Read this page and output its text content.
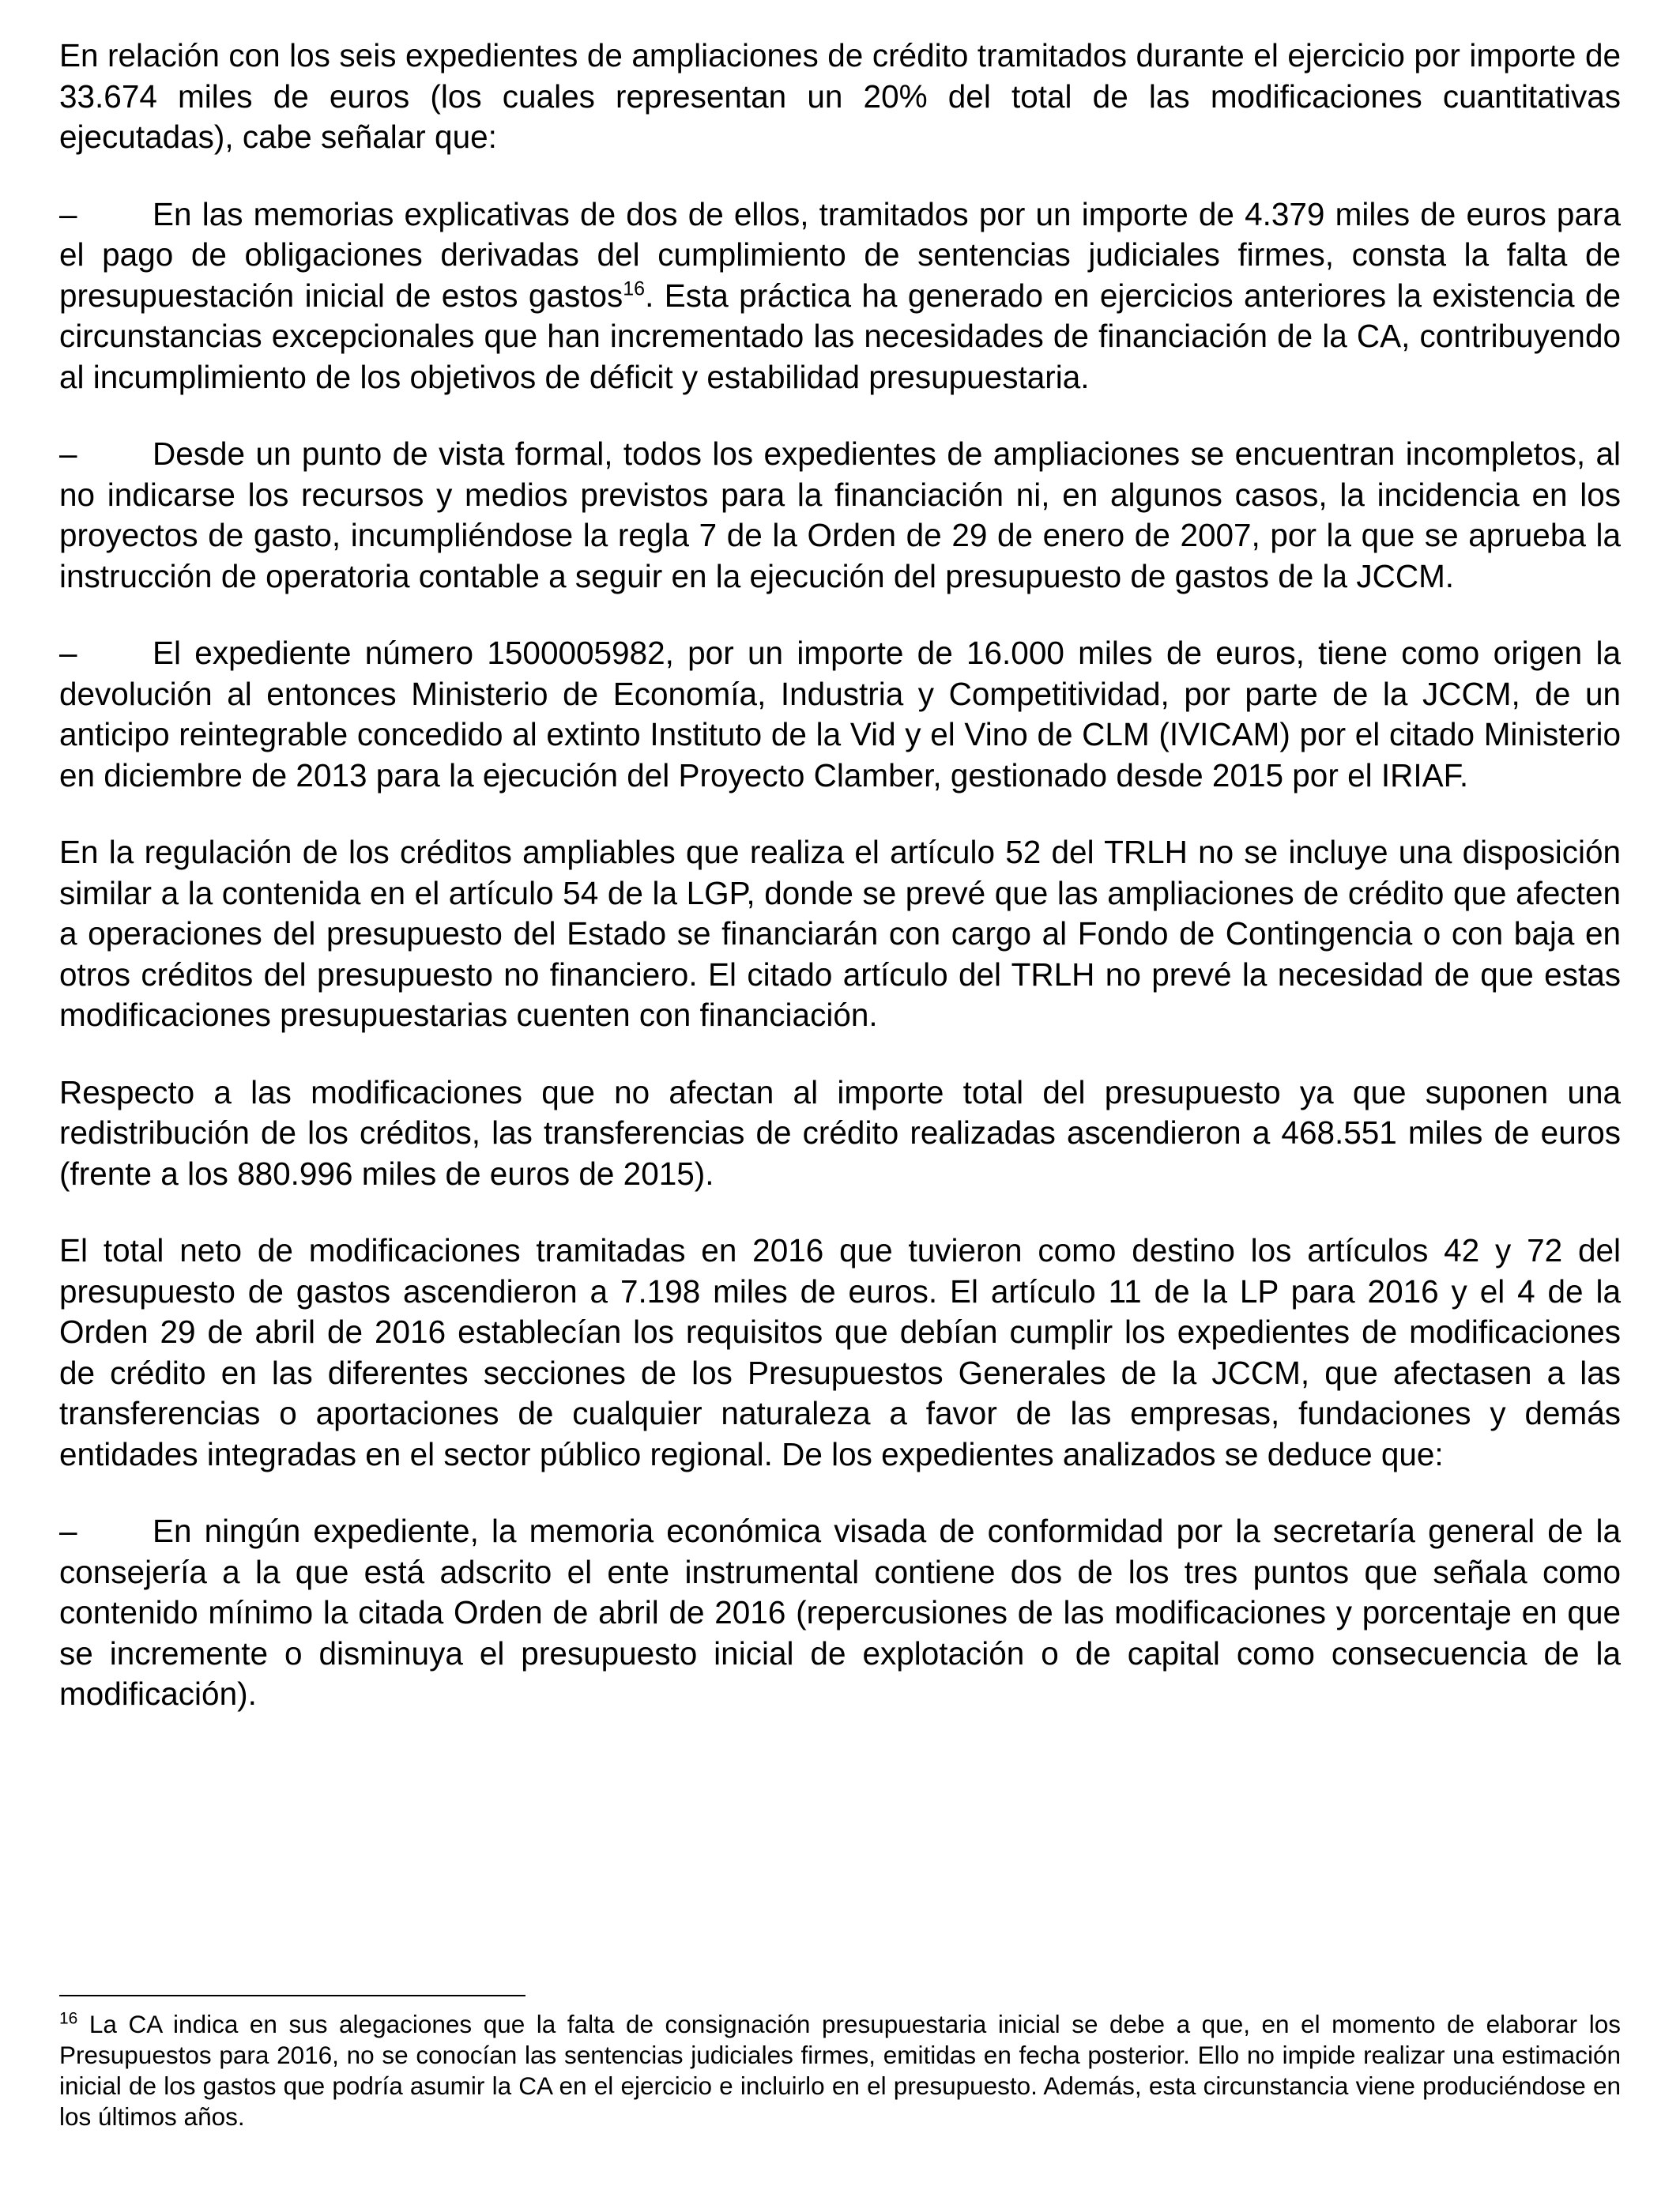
En relación con los seis expedientes de ampliaciones de crédito tramitados durante el ejercicio por importe de 33.674 miles de euros (los cuales representan un 20% del total de las modificaciones cuantitativas ejecutadas), cabe señalar que:

– En las memorias explicativas de dos de ellos, tramitados por un importe de 4.379 miles de euros para el pago de obligaciones derivadas del cumplimiento de sentencias judiciales firmes, consta la falta de presupuestación inicial de estos gastos$^{16}$. Esta práctica ha generado en ejercicios anteriores la existencia de circunstancias excepcionales que han incrementado las necesidades de financiación de la CA, contribuyendo al incumplimiento de los objetivos de déficit y estabilidad presupuestaria.

– Desde un punto de vista formal, todos los expedientes de ampliaciones se encuentran incompletos, al no indicarse los recursos y medios previstos para la financiación ni, en algunos casos, la incidencia en los proyectos de gasto, incumpliéndose la regla 7 de la Orden de 29 de enero de 2007, por la que se aprueba la instrucción de operatoria contable a seguir en la ejecución del presupuesto de gastos de la JCCM.

– El expediente número 1500005982, por un importe de 16.000 miles de euros, tiene como origen la devolución al entonces Ministerio de Economía, Industria y Competitividad, por parte de la JCCM, de un anticipo reintegrable concedido al extinto Instituto de la Vid y el Vino de CLM (IVICAM) por el citado Ministerio en diciembre de 2013 para la ejecución del Proyecto Clamber, gestionado desde 2015 por el IRIAF.

En la regulación de los créditos ampliables que realiza el artículo 52 del TRLH no se incluye una disposición similar a la contenida en el artículo 54 de la LGP, donde se prevé que las ampliaciones de crédito que afecten a operaciones del presupuesto del Estado se financiarán con cargo al Fondo de Contingencia o con baja en otros créditos del presupuesto no financiero. El citado artículo del TRLH no prevé la necesidad de que estas modificaciones presupuestarias cuenten con financiación.

Respecto a las modificaciones que no afectan al importe total del presupuesto ya que suponen una redistribución de los créditos, las transferencias de crédito realizadas ascendieron a 468.551 miles de euros (frente a los 880.996 miles de euros de 2015).

El total neto de modificaciones tramitadas en 2016 que tuvieron como destino los artículos 42 y 72 del presupuesto de gastos ascendieron a 7.198 miles de euros. El artículo 11 de la LP para 2016 y el 4 de la Orden 29 de abril de 2016 establecían los requisitos que debían cumplir los expedientes de modificaciones de crédito en las diferentes secciones de los Presupuestos Generales de la JCCM, que afectasen a las transferencias o aportaciones de cualquier naturaleza a favor de las empresas, fundaciones y demás entidades integradas en el sector público regional. De los expedientes analizados se deduce que:

– En ningún expediente, la memoria económica visada de conformidad por la secretaría general de la consejería a la que está adscrito el ente instrumental contiene dos de los tres puntos que señala como contenido mínimo la citada Orden de abril de 2016 (repercusiones de las modificaciones y porcentaje en que se incremente o disminuya el presupuesto inicial de explotación o de capital como consecuencia de la modificación).

$^{16}$ La CA indica en sus alegaciones que la falta de consignación presupuestaria inicial se debe a que, en el momento de elaborar los Presupuestos para 2016, no se conocían las sentencias judiciales firmes, emitidas en fecha posterior. Ello no impide realizar una estimación inicial de los gastos que podría asumir la CA en el ejercicio e incluirlo en el presupuesto. Además, esta circunstancia viene produciéndose en los últimos años.
